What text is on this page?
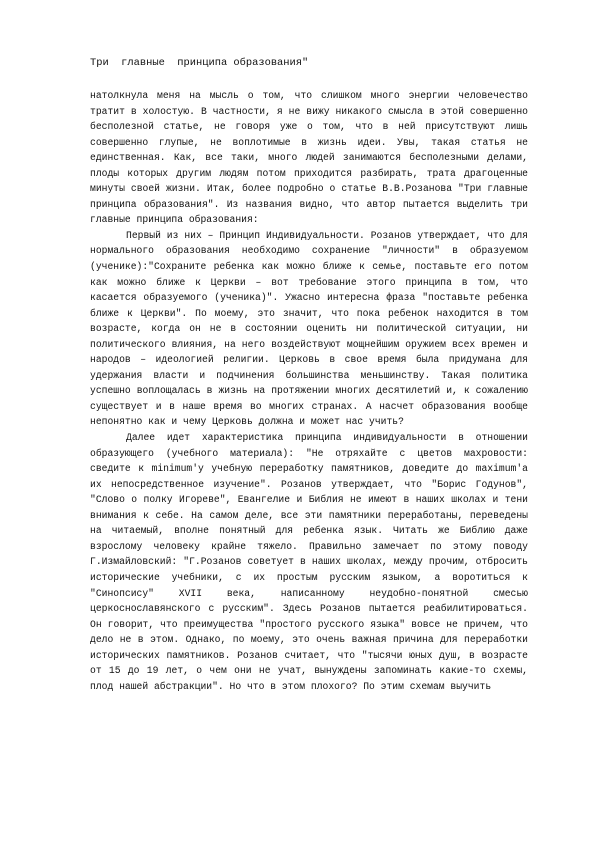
Три  главные  принципа образования"

натолкнула меня на мысль о том, что слишком много энергии человечество тратит в холостую. В частности, я не вижу никакого смысла в этой совершенно бесполезной статье, не говоря уже о том, что в ней присутствуют лишь совершенно глупые, не воплотимые в жизнь идеи. Увы, такая статья не единственная. Как, все таки, много людей занимаются бесполезными делами, плоды которых другим людям потом приходится разбирать, трата драгоценные минуты своей жизни. Итак, более подробно о статье В.В.Розанова "Три главные принципа образования". Из названия видно, что автор пытается выделить три главные принципа образования:

Первый из них – Принцип Индивидуальности. Розанов утверждает, что для нормального образования необходимо сохранение "личности" в образуемом (ученике):"Сохраните ребенка как можно ближе к семье, поставьте его потом как можно ближе к Церкви – вот требование этого принципа в том, что касается образуемого (ученика)". Ужасно интересна фраза "поставьте ребенка ближе к Церкви". По моему, это значит, что пока ребенок находится в том возрасте, когда он не в состоянии оценить ни политической ситуации, ни политического влияния, на него воздействуют мощнейшим оружием всех времен и народов – идеологией религии. Церковь в свое время была придумана для удержания власти и подчинения большинства меньшинству. Такая политика успешно воплощалась в жизнь на протяжении многих десятилетий и, к сожалению существует и в наше время во многих странах. А насчет образования вообще непонятно как и чему Церковь должна и может нас учить?

Далее идет характеристика принципа индивидуальности в отношении образующего (учебного материала): "Не отряхайте с цветов махровости: сведите к minimum'у учебную переработку памятников, доведите до maximum'а их непосредственное изучение". Розанов утверждает, что "Борис Годунов", "Слово о полку Игореве", Евангелие и Библия не имеют в наших школах и тени внимания к себе. На самом деле, все эти памятники переработаны, переведены на читаемый, вполне понятный для ребенка язык. Читать же Библию даже взрослому человеку крайне тяжело. Правильно замечает по этому поводу Г.Измайловский: "Г.Розанов советует в наших школах, между прочим, отбросить исторические учебники, с их простым русским языком, а воротиться к "Синопсису" XVII века, написанному неудобно-понятной смесью церкоснославянского с русским". Здесь Розанов пытается реабилитироваться. Он говорит, что преимущества "простого русского языка" вовсе не причем, что дело не в этом. Однако, по моему, это очень важная причина для переработки исторических памятников. Розанов считает, что "тысячи юных душ, в возрасте от 15 до 19 лет, о чем они не учат, вынуждены запоминать какие-то схемы, плод нашей абстракции". Но что в этом плохого? По этим схемам выучить
